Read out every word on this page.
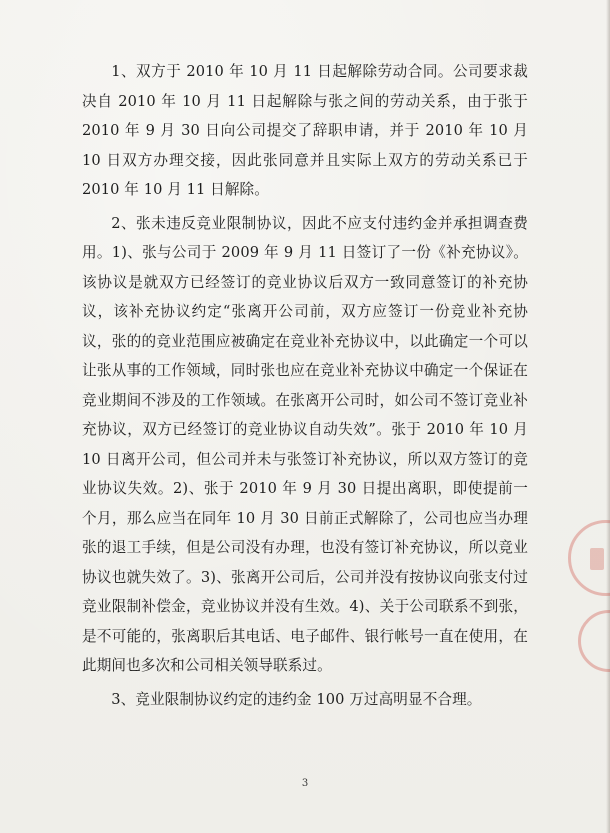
1、双方于 2010 年 10 月 11 日起解除劳动合同。公司要求裁决自 2010 年 10 月 11 日起解除与张之间的劳动关系，由于张于 2010 年 9 月 30 日向公司提交了辞职申请，并于 2010 年 10 月 10 日双方办理交接，因此张同意并且实际上双方的劳动关系已于 2010 年 10 月 11 日解除。

2、张未违反竞业限制协议，因此不应支付违约金并承担调查费用。1)、张与公司于 2009 年 9 月 11 日签订了一份《补充协议》。该协议是就双方已经签订的竞业协议后双方一致同意签订的补充协议，该补充协议约定“张离开公司前，双方应签订一份竞业补充协议，张的的竞业范围应被确定在竞业补充协议中，以此确定一个可以让张从事的工作领域，同时张也应在竞业补充协议中确定一个保证在竞业期间不涉及的工作领域。在张离开公司时，如公司不签订竞业补充协议，双方已经签订的竞业协议自动失效”。张于 2010 年 10 月 10 日离开公司，但公司并未与张签订补充协议，所以双方签订的竞业协议失效。2)、张于 2010 年 9 月 30 日提出离职，即使提前一个月，那么应当在同年 10 月 30 日前正式解除了，公司也应当办理张的退工手续，但是公司没有办理，也没有签订补充协议，所以竞业协议也就失效了。3)、张离开公司后，公司并没有按协议向张支付过竞业限制补偿金，竞业协议并没有生效。4)、关于公司联系不到张，是不可能的，张离职后其电话、电子邮件、银行帐号一直在使用，在此期间也多次和公司相关领导联系过。

3、竞业限制协议约定的违约金 100 万过高明显不合理。

3
